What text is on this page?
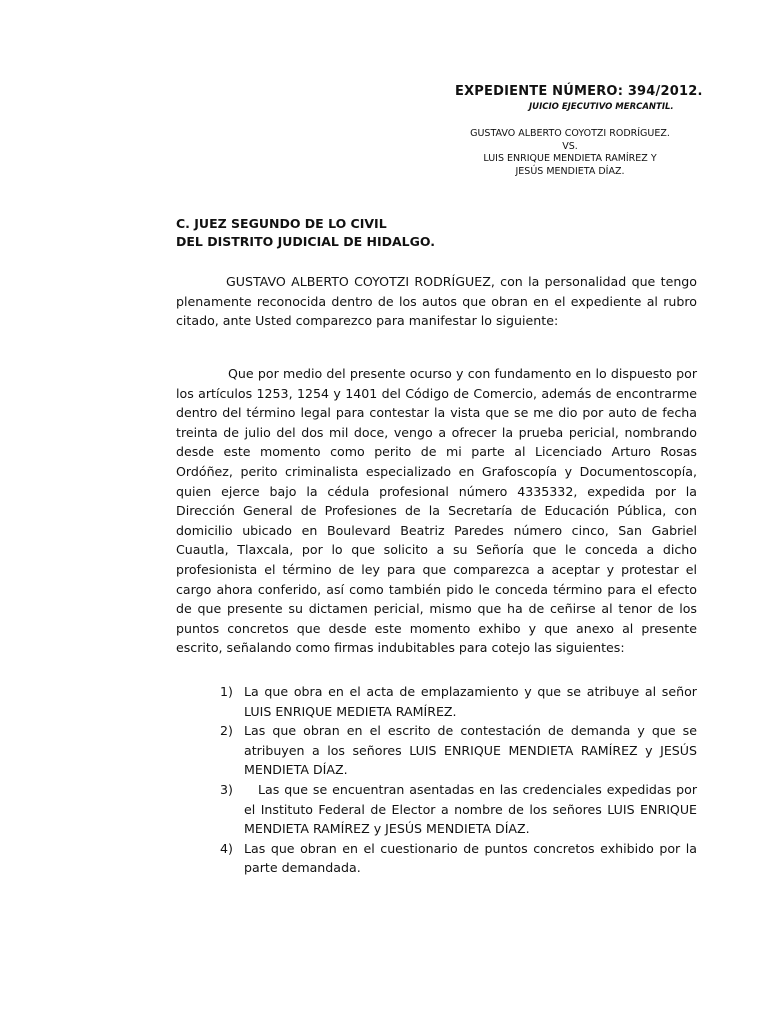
EXPEDIENTE NÚMERO: 394/2012.
JUICIO EJECUTIVO MERCANTIL.
GUSTAVO ALBERTO COYOTZI RODRÍGUEZ.
VS.
LUIS ENRIQUE MENDIETA RAMÍREZ Y
JESÚS MENDIETA DÍAZ.
C. JUEZ SEGUNDO DE LO CIVIL
DEL DISTRITO JUDICIAL DE HIDALGO.
GUSTAVO ALBERTO COYOTZI RODRÍGUEZ, con la personalidad que tengo plenamente reconocida dentro de los autos que obran en el expediente al rubro citado, ante Usted comparezco para manifestar lo siguiente:
Que por medio del presente ocurso y con fundamento en lo dispuesto por los artículos 1253, 1254 y 1401 del Código de Comercio, además de encontrarme dentro del término legal para contestar la vista que se me dio por auto de fecha treinta de julio del dos mil doce, vengo a ofrecer la prueba pericial, nombrando desde este momento como perito de mi parte al Licenciado Arturo Rosas Ordóñez, perito criminalista especializado en Grafoscopía y Documentoscopía, quien ejerce bajo la cédula profesional número 4335332, expedida por la Dirección General de Profesiones de la Secretaría de Educación Pública, con domicilio ubicado en Boulevard Beatriz Paredes número cinco, San Gabriel Cuautla, Tlaxcala, por lo que solicito a su Señoría que le conceda a dicho profesionista el término de ley para que comparezca a aceptar y protestar el cargo ahora conferido, así como también pido le conceda término para el efecto de que presente su dictamen pericial, mismo que ha de ceñirse al tenor de los puntos concretos que desde este momento exhibo y que anexo al presente escrito, señalando como firmas indubitables para cotejo las siguientes:
1) La que obra en el acta de emplazamiento y que se atribuye al señor LUIS ENRIQUE MEDIETA RAMÍREZ.
2) Las que obran en el escrito de contestación de demanda y que se atribuyen a los señores LUIS ENRIQUE MENDIETA RAMÍREZ y JESÚS MENDIETA DÍAZ.
3)	Las que se encuentran asentadas en las credenciales expedidas por el Instituto Federal de Elector a nombre de los señores LUIS ENRIQUE MENDIETA RAMÍREZ y JESÚS MENDIETA DÍAZ.
4) Las que obran en el cuestionario de puntos concretos exhibido por la parte demandada.
